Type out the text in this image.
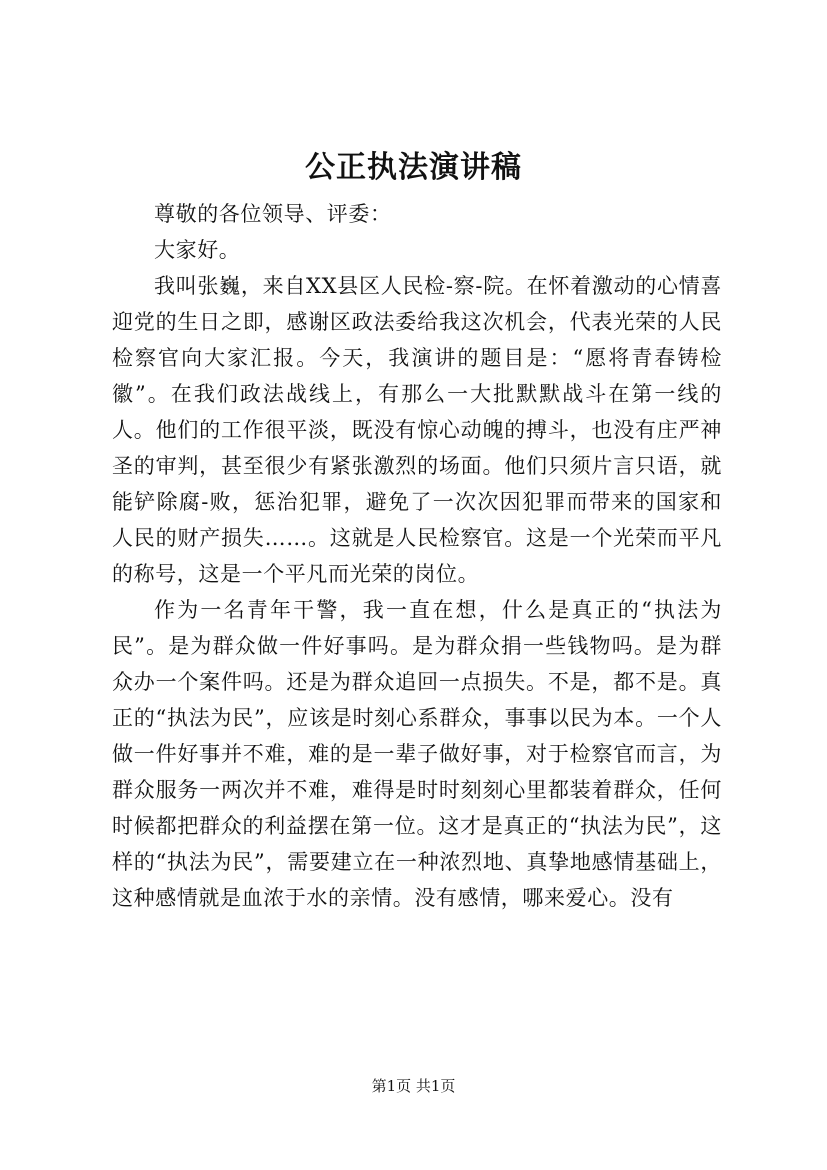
公正执法演讲稿

尊敬的各位领导、评委：

大家好。

我叫张巍，来自XX县区人民检-察-院。在怀着激动的心情喜迎党的生日之即，感谢区政法委给我这次机会，代表光荣的人民检察官向大家汇报。今天，我演讲的题目是：“愿将青春铸检徽”。在我们政法战线上，有那么一大批默默战斗在第一线的人。他们的工作很平淡，既没有惊心动魄的搏斗，也没有庄严神圣的审判，甚至很少有紧张激烈的场面。他们只须片言只语，就能铲除腐-败，惩治犯罪，避免了一次次因犯罪而带来的国家和人民的财产损失……。这就是人民检察官。这是一个光荣而平凡的称号，这是一个平凡而光荣的岗位。

作为一名青年干警，我一直在想，什么是真正的“执法为民”。是为群众做一件好事吗。是为群众捐一些钱物吗。是为群众办一个案件吗。还是为群众追回一点损失。不是，都不是。真正的“执法为民”，应该是时刻心系群众，事事以民为本。一个人做一件好事并不难，难的是一辈子做好事，对于检察官而言，为群众服务一两次并不难，难得是时时刻刻心里都装着群众，任何时候都把群众的利益摆在第一位。这才是真正的“执法为民”，这样的“执法为民”，需要建立在一种浓烈地、真挚地感情基础上，这种感情就是血浓于水的亲情。没有感情，哪来爱心。没有

第1页 共1页
